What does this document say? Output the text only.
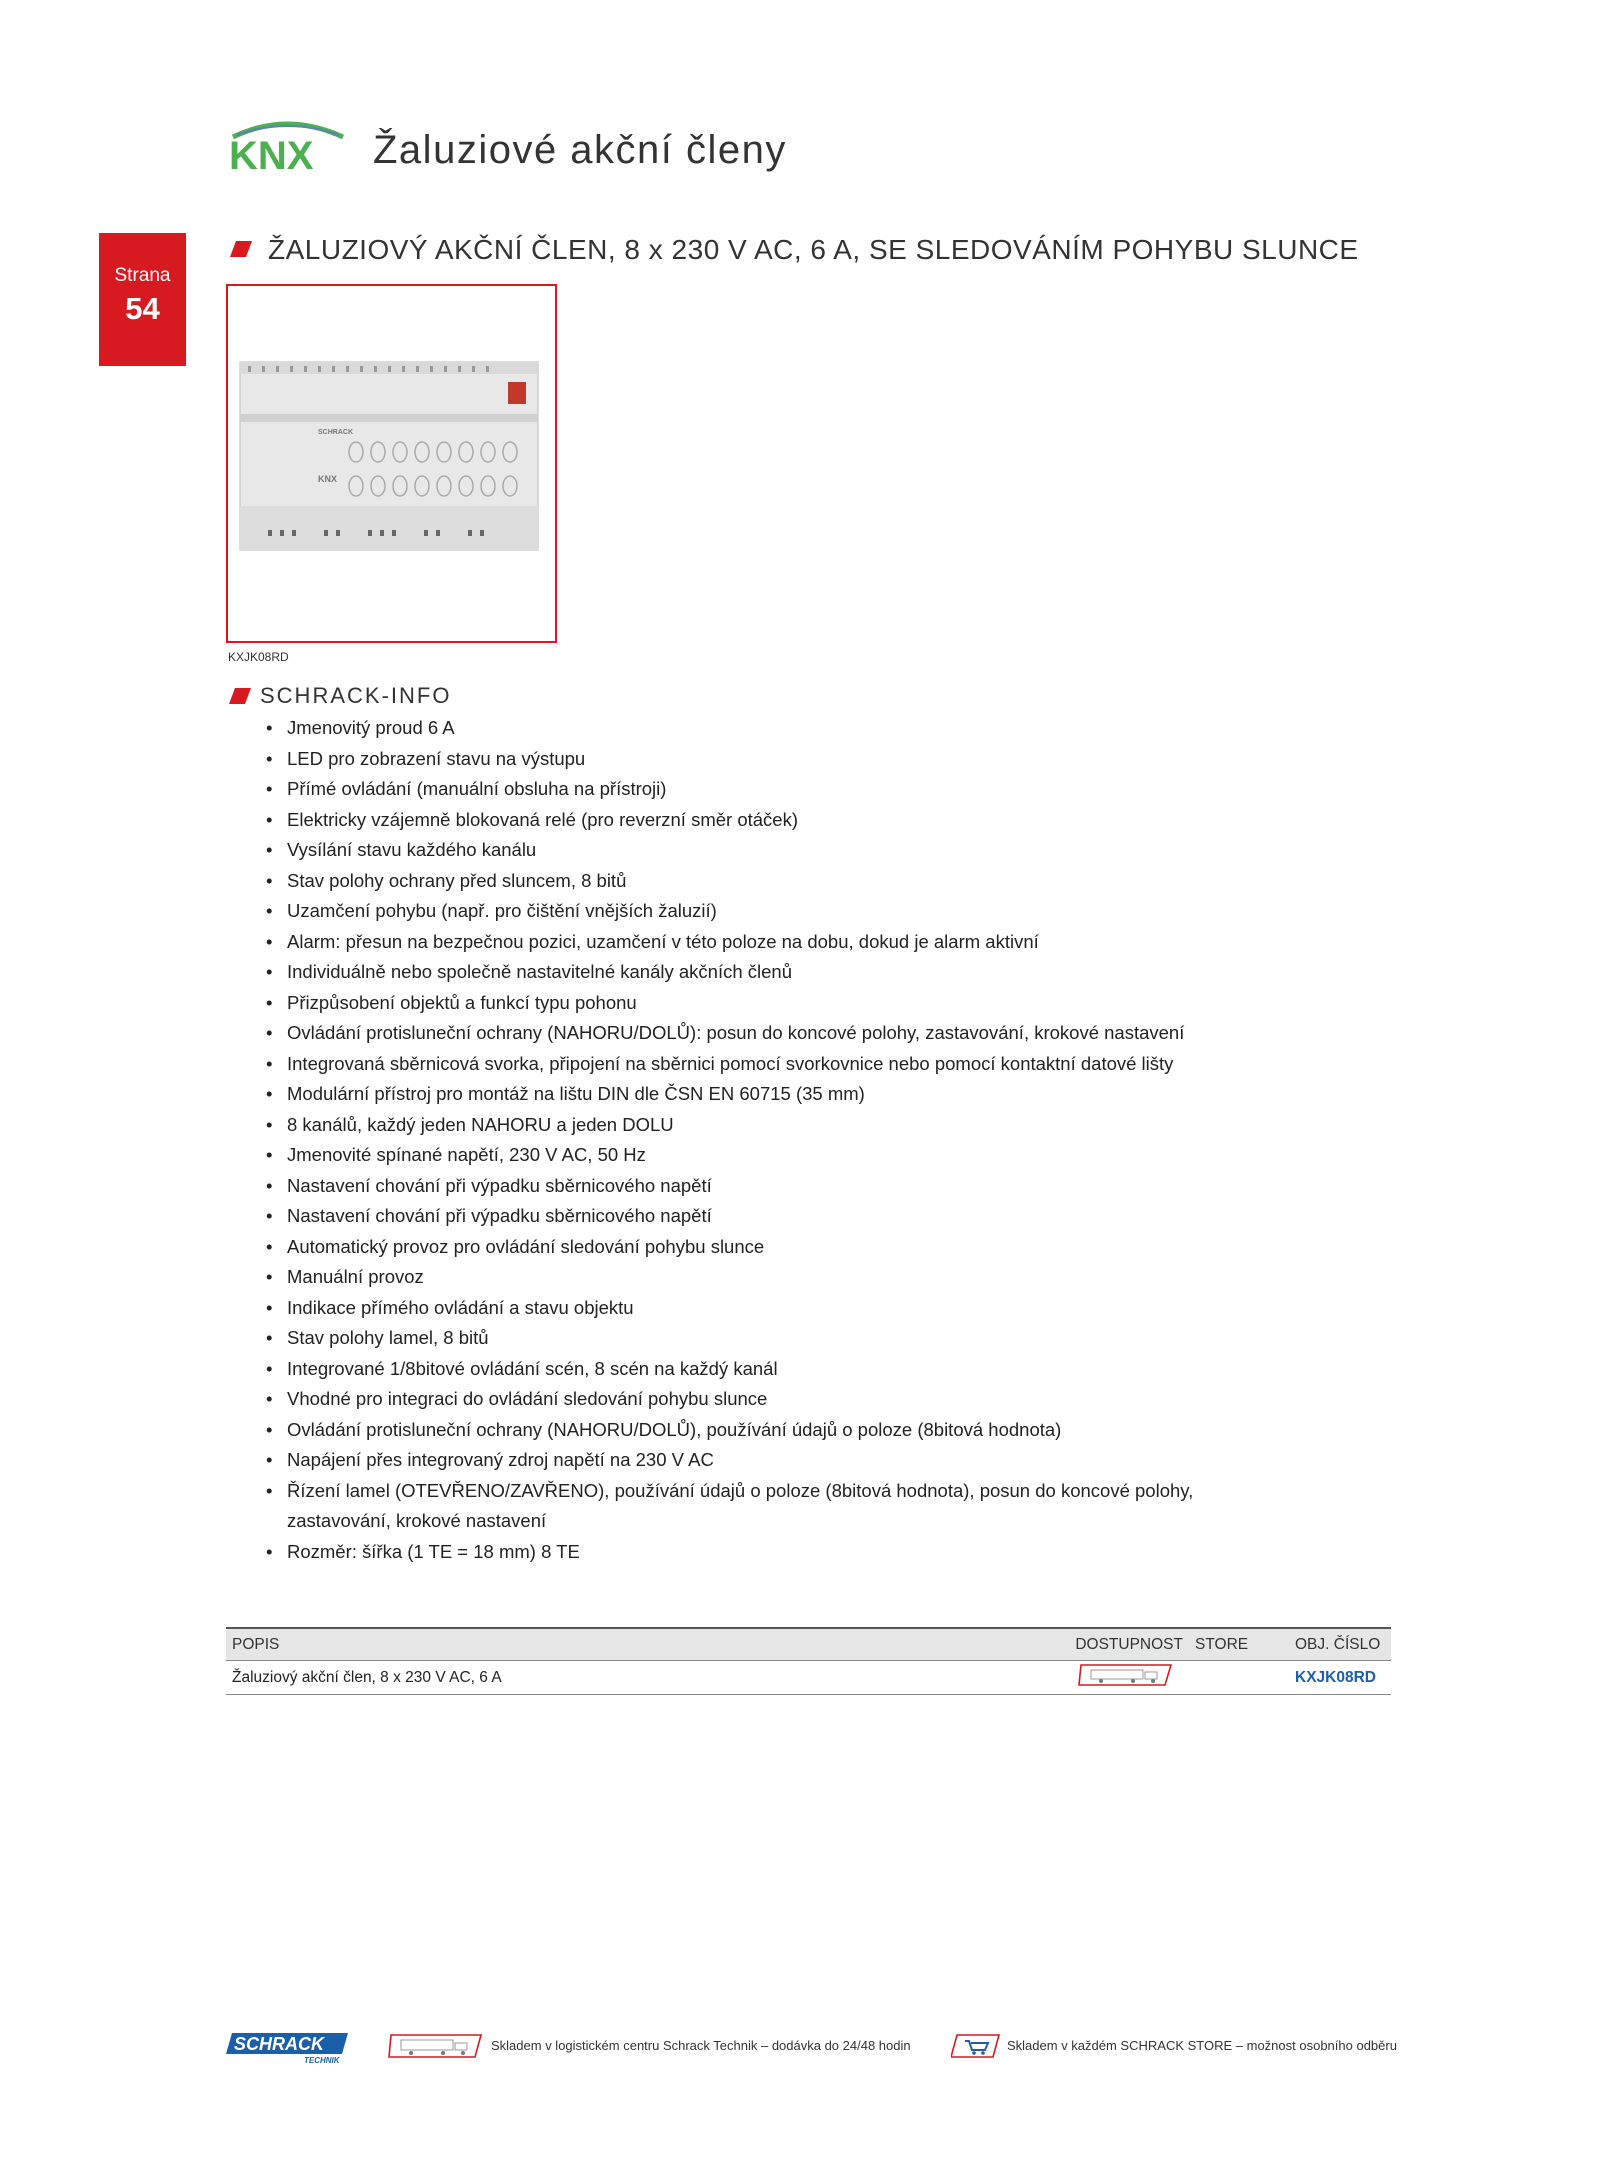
KNX Žaluziové akční členy
Strana
54
ŽALUZIOVÝ AKČNÍ ČLEN, 8 x 230 V AC, 6 A, SE SLEDOVÁNÍM POHYBU SLUNCE
SCHRACK
KNX
KXJK08RD
SCHRACK-INFO
• Jmenovitý proud 6 A
• LED pro zobrazení stavu na výstupu
• Přímé ovládání (manuální obsluha na přístroji)
• Elektricky vzájemně blokovaná relé (pro reverzní směr otáček)
• Vysílání stavu každého kanálu
• Stav polohy ochrany před sluncem, 8 bitů
• Uzamčení pohybu (např. pro čištění vnějších žaluzií)
• Alarm: přesun na bezpečnou pozici, uzamčení v této poloze na dobu, dokud je alarm aktivní
• Individuálně nebo společně nastavitelné kanály akčních členů
• Přizpůsobení objektů a funkcí typu pohonu
• Ovládání protisluneční ochrany (NAHORU/DOLŮ): posun do koncové polohy, zastavování, krokové nastavení
• Integrovaná sběrnicová svorka, připojení na sběrnici pomocí svorkovnice nebo pomocí kontaktní datové lišty
• Modulární přístroj pro montáž na lištu DIN dle ČSN EN 60715 (35 mm)
• 8 kanálů, každý jeden NAHORU a jeden DOLU
• Jmenovité spínané napětí, 230 V AC, 50 Hz
• Nastavení chování při výpadku sběrnicového napětí
• Nastavení chování při výpadku sběrnicového napětí
• Automatický provoz pro ovládání sledování pohybu slunce
• Manuální provoz
• Indikace přímého ovládání a stavu objektu
• Stav polohy lamel, 8 bitů
• Integrované 1/8bitové ovládání scén, 8 scén na každý kanál
• Vhodné pro integraci do ovládání sledování pohybu slunce
• Ovládání protisluneční ochrany (NAHORU/DOLŮ), používání údajů o poloze (8bitová hodnota)
• Napájení přes integrovaný zdroj napětí na 230 V AC
• Řízení lamel (OTEVŘENO/ZAVŘENO), používání údajů o poloze (8bitová hodnota), posun do koncové polohy, zastavování, krokové nastavení
• Rozměr: šířka (1 TE = 18 mm) 8 TE
POPIS	DOSTUPNOST	STORE	OBJ. ČÍSLO
Žaluziový akční člen, 8 x 230 V AC, 6 A			KXJK08RD
SCHRACK
TECHNIK
Skladem v logistickém centru Schrack Technik – dodávka do 24/48 hodin	Skladem v každém SCHRACK STORE – možnost osobního odběru
